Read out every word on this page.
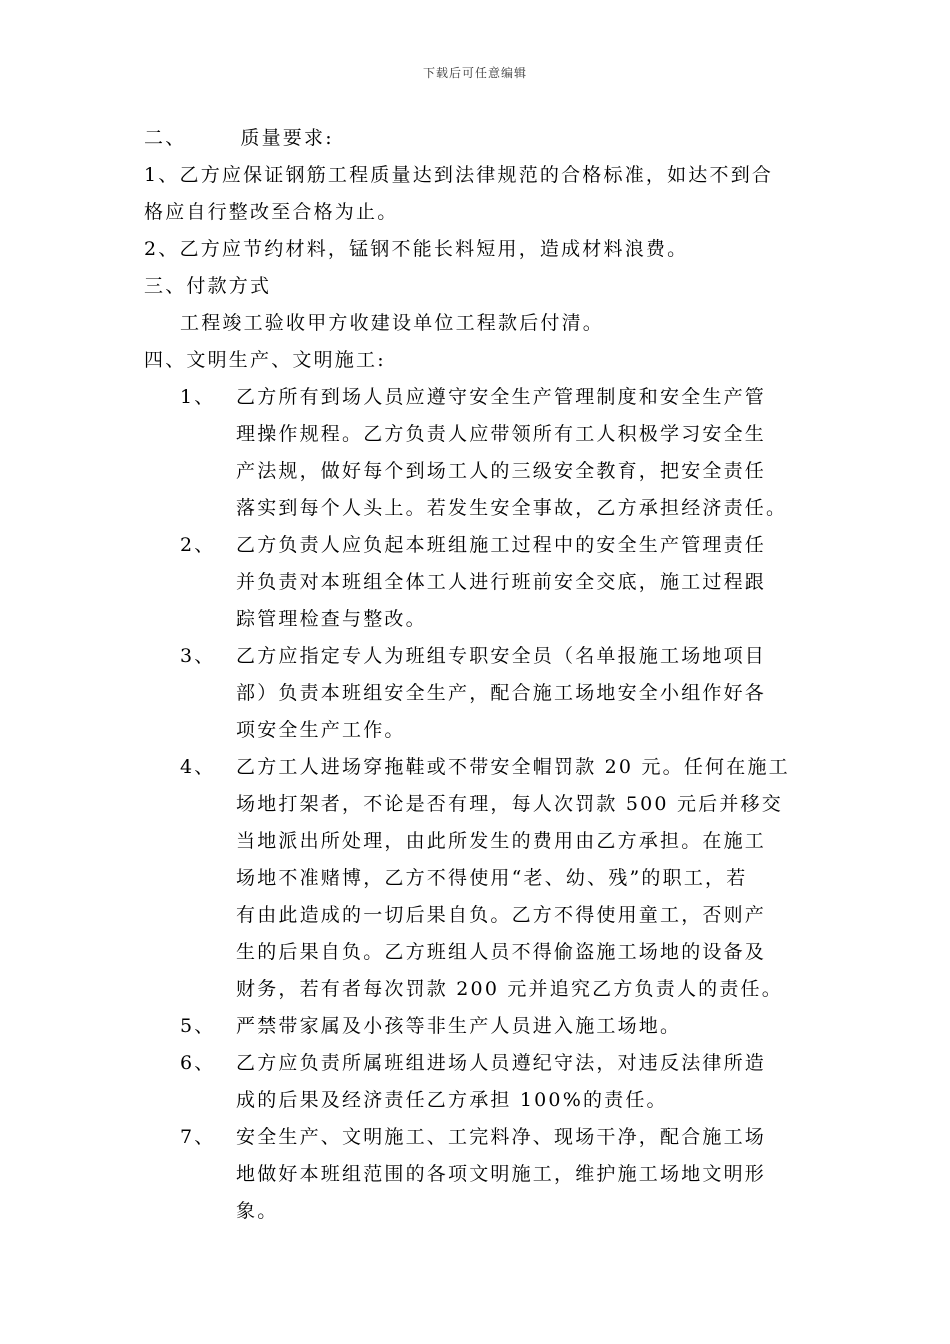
下载后可任意编辑
二、	质量要求:
1、乙方应保证钢筋工程质量达到法律规范的合格标准，如达不到合
格应自行整改至合格为止。
2、乙方应节约材料，锰钢不能长料短用，造成材料浪费。
三、付款方式
工程竣工验收甲方收建设单位工程款后付清。
四、文明生产、文明施工:
1、 乙方所有到场人员应遵守安全生产管理制度和安全生产管
理操作规程。乙方负责人应带领所有工人积极学习安全生
产法规，做好每个到场工人的三级安全教育，把安全责任
落实到每个人头上。若发生安全事故，乙方承担经济责任。
2、 乙方负责人应负起本班组施工过程中的安全生产管理责任
并负责对本班组全体工人进行班前安全交底，施工过程跟
踪管理检查与整改。
3、 乙方应指定专人为班组专职安全员（名单报施工场地项目
部）负责本班组安全生产，配合施工场地安全小组作好各
项安全生产工作。
4、 乙方工人进场穿拖鞋或不带安全帽罚款 20 元。任何在施工
场地打架者，不论是否有理，每人次罚款 500 元后并移交
当地派出所处理，由此所发生的费用由乙方承担。在施工
场地不准赌博，乙方不得使用“老、幼、残”的职工，若
有由此造成的一切后果自负。乙方不得使用童工，否则产
生的后果自负。乙方班组人员不得偷盗施工场地的设备及
财务，若有者每次罚款 200 元并追究乙方负责人的责任。
5、 严禁带家属及小孩等非生产人员进入施工场地。
6、 乙方应负责所属班组进场人员遵纪守法，对违反法律所造
成的后果及经济责任乙方承担 100%的责任。
7、 安全生产、文明施工、工完料净、现场干净，配合施工场
地做好本班组范围的各项文明施工，维护施工场地文明形
象。
